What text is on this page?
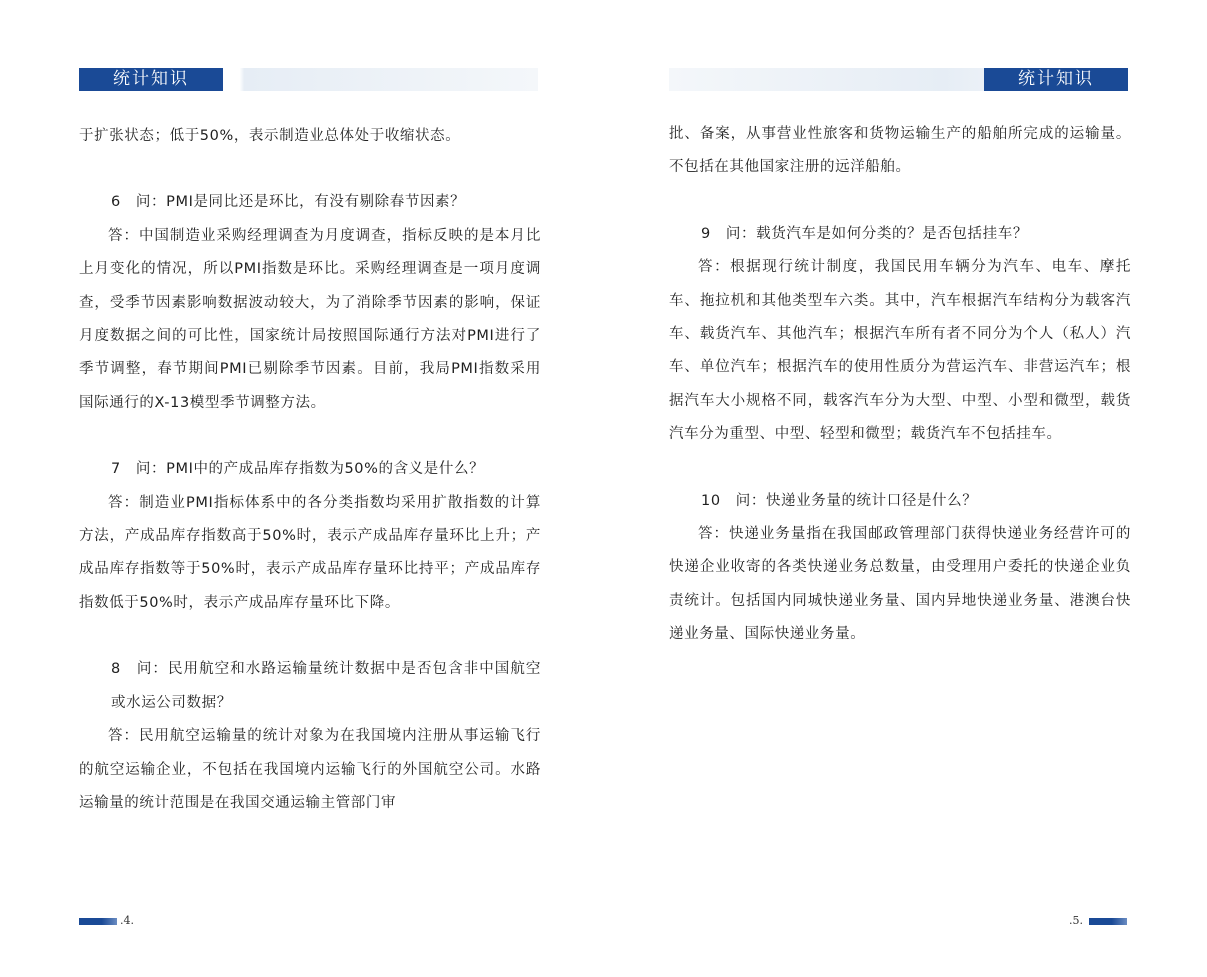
统计知识

于扩张状态；低于50%，表示制造业总体处于收缩状态。

6　问：PMI是同比还是环比，有没有剔除春节因素？

答：中国制造业采购经理调查为月度调查，指标反映的是本月比上月变化的情况，所以PMI指数是环比。采购经理调查是一项月度调查，受季节因素影响数据波动较大，为了消除季节因素的影响，保证月度数据之间的可比性，国家统计局按照国际通行方法对PMI进行了季节调整，春节期间PMI已剔除季节因素。目前，我局PMI指数采用国际通行的X-13模型季节调整方法。

7　问：PMI中的产成品库存指数为50%的含义是什么？

答：制造业PMI指标体系中的各分类指数均采用扩散指数的计算方法，产成品库存指数高于50%时，表示产成品库存量环比上升；产成品库存指数等于50%时，表示产成品库存量环比持平；产成品库存指数低于50%时，表示产成品库存量环比下降。

8　问：民用航空和水路运输量统计数据中是否包含非中国航空或水运公司数据？

答：民用航空运输量的统计对象为在我国境内注册从事运输飞行的航空运输企业，不包括在我国境内运输飞行的外国航空公司。水路运输量的统计范围是在我国交通运输主管部门审

.4.
统计知识

批、备案，从事营业性旅客和货物运输生产的船舶所完成的运输量。不包括在其他国家注册的远洋船舶。

9　问：载货汽车是如何分类的？是否包括挂车？

答：根据现行统计制度，我国民用车辆分为汽车、电车、摩托车、拖拉机和其他类型车六类。其中，汽车根据汽车结构分为载客汽车、载货汽车、其他汽车；根据汽车所有者不同分为个人（私人）汽车、单位汽车；根据汽车的使用性质分为营运汽车、非营运汽车；根据汽车大小规格不同，载客汽车分为大型、中型、小型和微型，载货汽车分为重型、中型、轻型和微型；载货汽车不包括挂车。

10　问：快递业务量的统计口径是什么？

答：快递业务量指在我国邮政管理部门获得快递业务经营许可的快递企业收寄的各类快递业务总数量，由受理用户委托的快递企业负责统计。包括国内同城快递业务量、国内异地快递业务量、港澳台快递业务量、国际快递业务量。

.5.
